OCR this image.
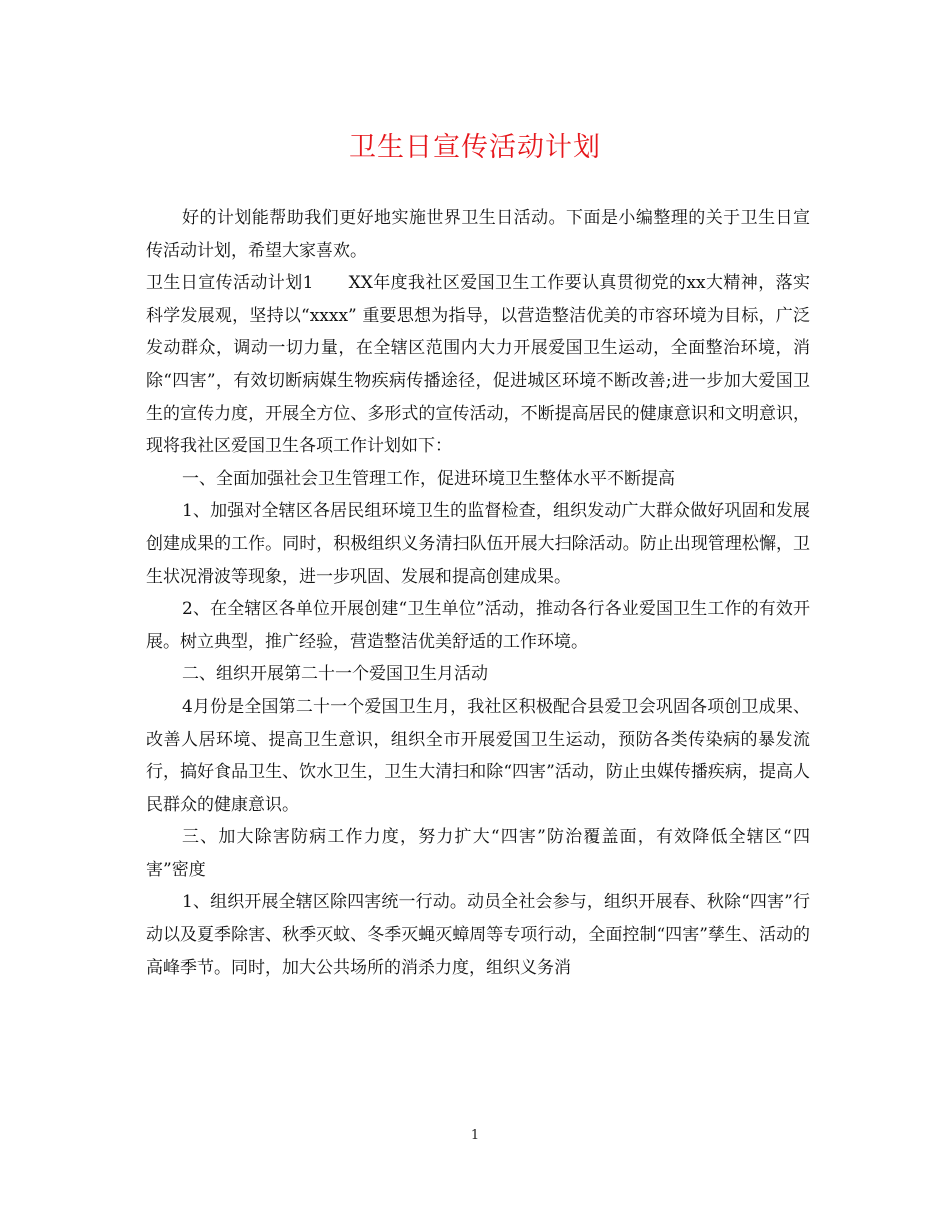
卫生日宣传活动计划

好的计划能帮助我们更好地实施世界卫生日活动。下面是小编整理的关于卫生日宣传活动计划，希望大家喜欢。

卫生日宣传活动计划1　　XX年度我社区爱国卫生工作要认真贯彻党的xx大精神，落实科学发展观，坚持以“xxxx” 重要思想为指导，以营造整洁优美的市容环境为目标，广泛发动群众，调动一切力量，在全辖区范围内大力开展爱国卫生运动，全面整治环境，消除“四害”，有效切断病媒生物疾病传播途径，促进城区环境不断改善;进一步加大爱国卫生的宣传力度，开展全方位、多形式的宣传活动，不断提高居民的健康意识和文明意识，现将我社区爱国卫生各项工作计划如下：

一、全面加强社会卫生管理工作，促进环境卫生整体水平不断提高

1、加强对全辖区各居民组环境卫生的监督检查，组织发动广大群众做好巩固和发展创建成果的工作。同时，积极组织义务清扫队伍开展大扫除活动。防止出现管理松懈，卫生状况滑波等现象，进一步巩固、发展和提高创建成果。

2、在全辖区各单位开展创建“卫生单位”活动，推动各行各业爱国卫生工作的有效开展。树立典型，推广经验，营造整洁优美舒适的工作环境。

二、组织开展第二十一个爱国卫生月活动

4月份是全国第二十一个爱国卫生月，我社区积极配合县爱卫会巩固各项创卫成果、改善人居环境、提高卫生意识，组织全市开展爱国卫生运动，预防各类传染病的暴发流行，搞好食品卫生、饮水卫生，卫生大清扫和除“四害”活动，防止虫媒传播疾病，提高人民群众的健康意识。

三、加大除害防病工作力度，努力扩大“四害”防治覆盖面，有效降低全辖区“四害”密度

1、组织开展全辖区除四害统一行动。动员全社会参与，组织开展春、秋除“四害”行动以及夏季除害、秋季灭蚊、冬季灭蝇灭蟑周等专项行动，全面控制“四害”孳生、活动的高峰季节。同时，加大公共场所的消杀力度，组织义务消

1
